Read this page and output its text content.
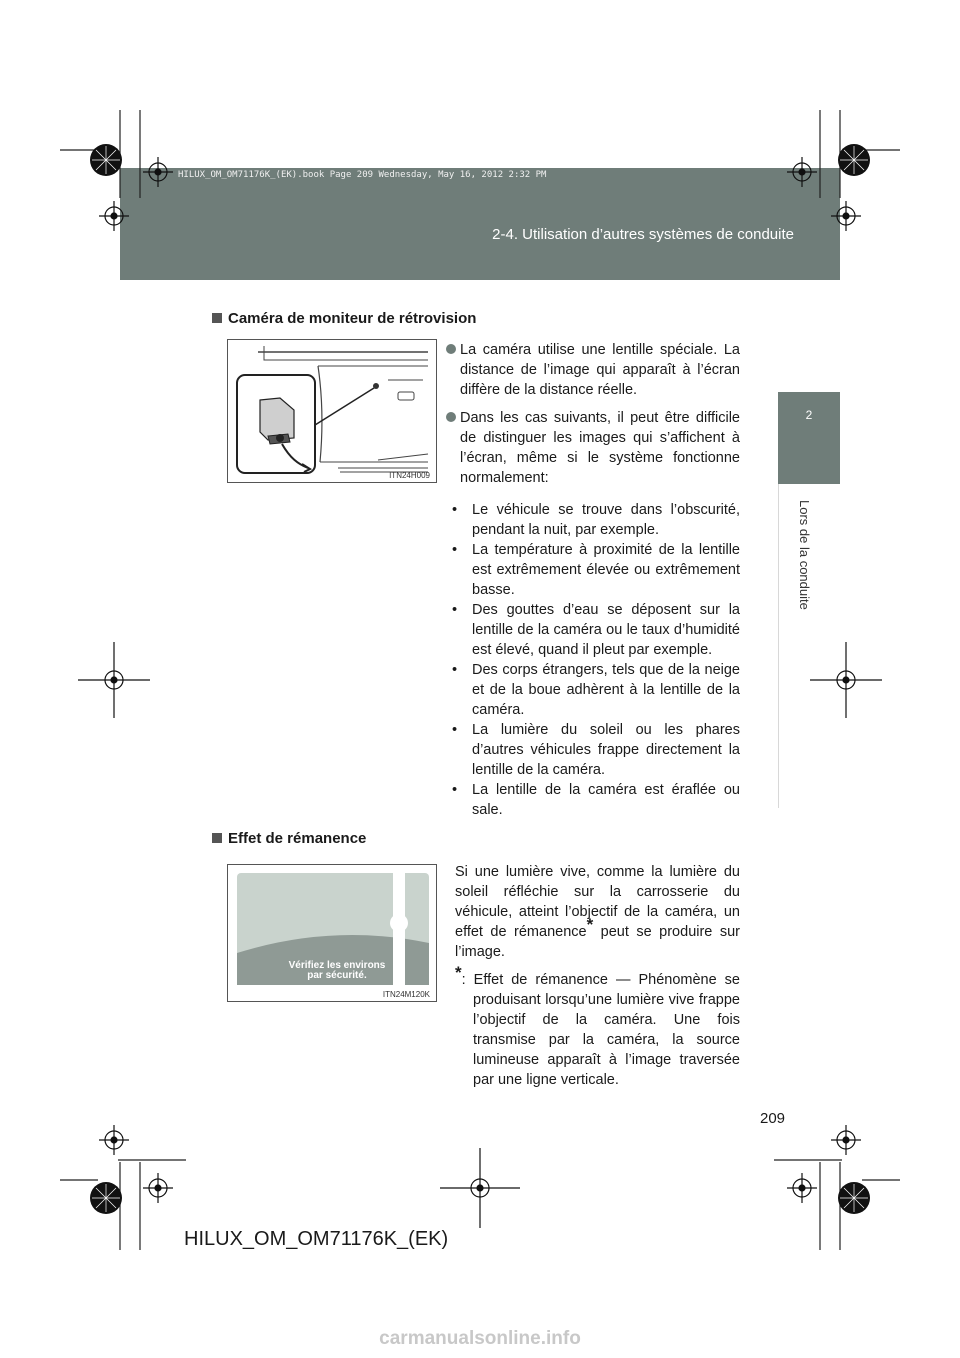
2-4. Utilisation d’autres systèmes de conduite
HILUX_OM_OM71176K_(EK).book Page 209 Wednesday, May 16, 2012 2:32 PM
2
Lors de la conduite
Caméra de moniteur de rétrovision
ITN24H009
La caméra utilise une lentille spéciale. La distance de l’image qui apparaît à l’écran diffère de la distance réelle.
Dans les cas suivants, il peut être difficile de distinguer les images qui s’affichent à l’écran, même si le système fonctionne normalement:
• Le véhicule se trouve dans l’obscurité, pendant la nuit, par exemple.
• La température à proximité de la lentille est extrêmement élevée ou extrêmement basse.
• Des gouttes d’eau se déposent sur la lentille de la caméra ou le taux d’humidité est élevé, quand il pleut par exemple.
• Des corps étrangers, tels que de la neige et de la boue adhèrent à la lentille de la caméra.
• La lumière du soleil ou les phares d’autres véhicules frappe directement la lentille de la caméra.
• La lentille de la caméra est éraflée ou sale.
Effet de rémanence
Vérifiez les environs
par sécurité.
ITN24M120K
Si une lumière vive, comme la lumière du soleil réfléchie sur la carrosserie du véhicule, atteint l’objectif de la caméra, un effet de rémanence* peut se produire sur l’image.
*: Effet de rémanence — Phénomène se produisant lorsqu’une lumière vive frappe l’objectif de la caméra. Une fois transmise par la caméra, la source lumineuse apparaît à l’image traversée par une ligne verticale.
209
HILUX_OM_OM71176K_(EK)
carmanualsonline.info
